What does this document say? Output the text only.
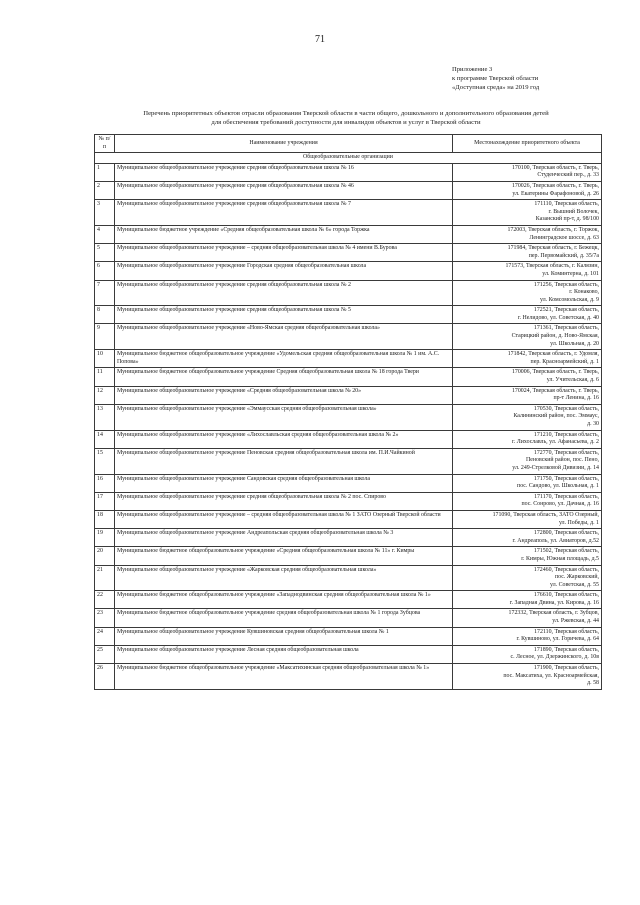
71
Приложение 3
к программе Тверской области
«Доступная среда» на 2019 год
Перечень приоритетных объектов отрасли образования Тверской области в части общего, дошкольного и дополнительного образования детей
для обеспечения требований доступности для инвалидов объектов и услуг в Тверской области
№ п/п	Наименование учреждения	Местонахождение приоритетного объекта
Общеобразовательные организации		
1	Муниципальное общеобразовательное учреждение средняя общеобразовательная школа № 16	170100, Тверская область, г. Тверь,
Студенческий пер., д. 33

2	Муниципальное общеобразовательное учреждение средняя общеобразовательная школа № 46	170026, Тверская область, г. Тверь,
ул. Екатерины Фарафоновой, д. 26

3	Муниципальное общеобразовательное учреждение средняя общеобразовательная школа № 7	171110, Тверская область,
г. Вышний Волочек,
Казанский пр-т, д. 98/100

4	Муниципальное бюджетное учреждение «Средняя общеобразовательная школа № 6» города Торжка	172003, Тверская область, г. Торжок,
Ленинградское шоссе, д. 63

5	Муниципальное общеобразовательное учреждение – средняя общеобразовательная школа № 4 имени В.Бурова	171984, Тверская область, г. Бежецк,
пер. Первомайский, д. 35/7а

6	Муниципальное общеобразовательное учреждение Городская средняя общеобразовательная школа	171573, Тверская область, г. Калязин,
ул. Коминтерна, д. 101

7	Муниципальное общеобразовательное учреждение средняя общеобразовательная школа № 2	171256, Тверская область,
г. Конаково,
ул. Комсомольская, д. 9

8	Муниципальное общеобразовательное учреждение средняя общеобразовательная школа № 5	172521, Тверская область,
г. Нелидово, ул. Советская, д. 40

9	Муниципальное общеобразовательное учреждение «Ново-Ямская средняя общеобразовательная школа»	171361, Тверская область,
Старицкий район, д. Ново-Ямская,
ул. Школьная, д. 20

10	Муниципальное бюджетное общеобразовательное учреждение «Удомельская средняя общеобразовательная школа № 1 им. А.С. Попова»	171842, Тверская область, г. Удомля,
пер. Красноармейский, д. 1

11	Муниципальное бюджетное общеобразовательное учреждение Средняя общеобразовательная школа № 18 города Твери	170006, Тверская область, г. Тверь,
ул. Учительская, д. 6

12	Муниципальное общеобразовательное учреждение «Средняя общеобразовательная школа № 20»	170024, Тверская область, г. Тверь,
пр-т Ленина, д. 16

13	Муниципальное общеобразовательное учреждение «Эммаусская средняя общеобразовательная школа»	170530, Тверская область,
Калининский район, пос. Эммаус,
д. 30

14	Муниципальное общеобразовательное учреждение «Лихославльская средняя общеобразовательная школа № 2»	171210, Тверская область,
г. Лихославль, ул. Афанасьева, д. 2

15	Муниципальное общеобразовательное учреждение Пеновская средняя общеобразовательная школа им. П.И.Чайкиной	172770, Тверская область,
Пеновский район, пос. Пено,
ул. 249-Стрелковой Дивизии, д. 14

16	Муниципальное общеобразовательное учреждение Сандовская средняя общеобразовательная школа	171750, Тверская область,
пос. Сандово, ул. Школьная, д. 1

17	Муниципальное общеобразовательное учреждение средняя общеобразовательная школа № 2 пос. Спирово	171170, Тверская область,
пос. Сонрово, ул. Дачная, д. 16

18	Муниципальное общеобразовательное учреждение – средняя общеобразовательная школа № 1 ЗАТО Озерный Тверской области	171090, Тверская область, ЗАТО Озерный,
ул. Победы, д. 1

19	Муниципальное общеобразовательное учреждение Андреапольская средняя общеобразовательная школа № 3	172800, Тверская область,
г. Андреаполь, ул. Авиаторов, д.52

20	Муниципальное бюджетное общеобразовательное учреждение «Средняя общеобразовательная школа № 11» г. Кимры	171502, Тверская область,
г. Кимры, Южная площадь, д.5

21	Муниципальное общеобразовательное учреждение «Жарковская средняя общеобразовательная школа»	172460, Тверская область,
пос. Жарковский,
ул. Советская, д. 55

22	Муниципальное бюджетное общеобразовательное учреждение «Западнодвинская средняя общеобразовательная школа № 1»	176610, Тверская область,
г. Западная Двина, ул. Кирова, д. 16

23	Муниципальное бюджетное общеобразовательное учреждение средняя общеобразовательная школа № 1 города Зубцова	172332, Тверская область, г. Зубцов,
ул. Ржевская, д. 44

24	Муниципальное общеобразовательное учреждение Кувшиновская средняя общеобразовательная школа № 1	172110, Тверская область,
г. Кувшиново, ул. Горичева, д. 64

25	Муниципальное общеобразовательное учреждение Лесная средняя общеобразовательная школа	171890, Тверская область,
с. Лесное, ул. Дзержинского, д. 10в

26	Муниципальное бюджетное общеобразовательное учреждение «Максатихинская средняя общеобразовательная школа № 1»	171900, Тверская область,
пос. Максатиха, ул. Красноармейская,
д. 58
